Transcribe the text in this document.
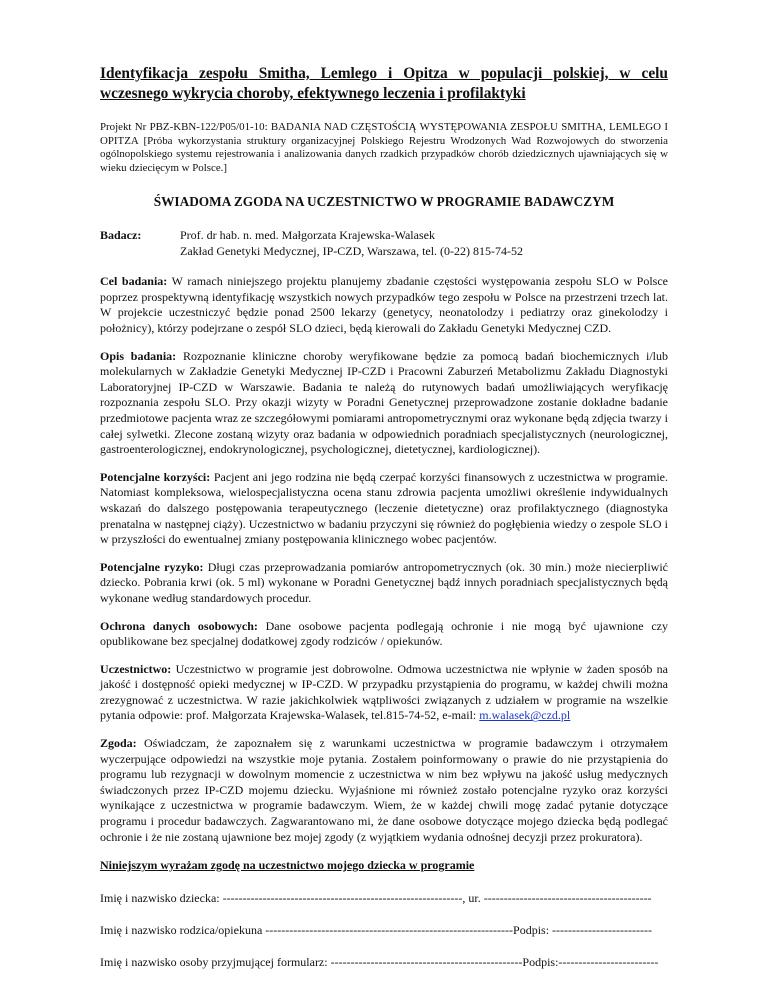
Identyfikacja zespołu Smitha, Lemlego i Opitza w populacji polskiej, w celu wczesnego wykrycia choroby, efektywnego leczenia i profilaktyki

Projekt Nr PBZ-KBN-122/P05/01-10: BADANIA NAD CZĘSTOŚCIĄ WYSTĘPOWANIA ZESPOŁU SMITHA, LEMLEGO I OPITZA [Próba wykorzystania struktury organizacyjnej Polskiego Rejestru Wrodzonych Wad Rozwojowych do stworzenia ogólnopolskiego systemu rejestrowania i analizowania danych rzadkich przypadków chorób dziedzicznych ujawniających się w wieku dziecięcym w Polsce.]

ŚWIADOMA ZGODA NA UCZESTNICTWO W PROGRAMIE BADAWCZYM

Badacz:	Prof. dr hab. n. med. Małgorzata Krajewska-Walasek
Zakład Genetyki Medycznej, IP-CZD, Warszawa, tel. (0-22) 815-74-52

Cel badania: W ramach niniejszego projektu planujemy zbadanie częstości występowania zespołu SLO w Polsce poprzez prospektywną identyfikację wszystkich nowych przypadków tego zespołu w Polsce na przestrzeni trzech lat. W projekcie uczestniczyć będzie ponad 2500 lekarzy (genetycy, neonatolodzy i pediatrzy oraz ginekolodzy i położnicy), którzy podejrzane o zespół SLO dzieci, będą kierowali do Zakładu Genetyki Medycznej CZD.

Opis badania: Rozpoznanie kliniczne choroby weryfikowane będzie za pomocą badań biochemicznych i/lub molekularnych w Zakładzie Genetyki Medycznej IP-CZD i Pracowni Zaburzeń Metabolizmu Zakładu Diagnostyki Laboratoryjnej IP-CZD w Warszawie. Badania te należą do rutynowych badań umożliwiających weryfikację rozpoznania zespołu SLO. Przy okazji wizyty w Poradni Genetycznej przeprowadzone zostanie dokładne badanie przedmiotowe pacjenta wraz ze szczegółowymi pomiarami antropometrycznymi oraz wykonane będą zdjęcia twarzy i całej sylwetki. Zlecone zostaną wizyty oraz badania w odpowiednich poradniach specjalistycznych (neurologicznej, gastroenterologicznej, endokrynologicznej, psychologicznej, dietetycznej, kardiologicznej).

Potencjalne korzyści: Pacjent ani jego rodzina nie będą czerpać korzyści finansowych z uczestnictwa w programie. Natomiast kompleksowa, wielospecjalistyczna ocena stanu zdrowia pacjenta umożliwi określenie indywidualnych wskazań do dalszego postępowania terapeutycznego (leczenie dietetyczne) oraz profilaktycznego (diagnostyka prenatalna w następnej ciąży). Uczestnictwo w badaniu przyczyni się również do pogłębienia wiedzy o zespole SLO i w przyszłości do ewentualnej zmiany postępowania klinicznego wobec pacjentów.

Potencjalne ryzyko: Długi czas przeprowadzania pomiarów antropometrycznych (ok. 30 min.) może niecierpliwić dziecko. Pobrania krwi (ok. 5 ml) wykonane w Poradni Genetycznej bądź innych poradniach specjalistycznych będą wykonane według standardowych procedur.

Ochrona danych osobowych: Dane osobowe pacjenta podlegają ochronie i nie mogą być ujawnione czy opublikowane bez specjalnej dodatkowej zgody rodziców / opiekunów.

Uczestnictwo: Uczestnictwo w programie jest dobrowolne. Odmowa uczestnictwa nie wpłynie w żaden sposób na jakość i dostępność opieki medycznej w IP-CZD. W przypadku przystąpienia do programu, w każdej chwili można zrezygnować z uczestnictwa. W razie jakichkolwiek wątpliwości związanych z udziałem w programie na wszelkie pytania odpowie: prof. Małgorzata Krajewska-Walasek, tel.815-74-52, e-mail: m.walasek@czd.pl

Zgoda: Oświadczam, że zapoznałem się z warunkami uczestnictwa w programie badawczym i otrzymałem wyczerpujące odpowiedzi na wszystkie moje pytania. Zostałem poinformowany o prawie do nie przystąpienia do programu lub rezygnacji w dowolnym momencie z uczestnictwa w nim bez wpływu na jakość usług medycznych świadczonych przez IP-CZD mojemu dziecku. Wyjaśnione mi również zostało potencjalne ryzyko oraz korzyści wynikające z uczestnictwa w programie badawczym. Wiem, że w każdej chwili mogę zadać pytanie dotyczące programu i procedur badawczych. Zagwarantowano mi, że dane osobowe dotyczące mojego dziecka będą podlegać ochronie i że nie zostaną ujawnione bez mojej zgody (z wyjątkiem wydania odnośnej decyzji przez prokuratora).

Niniejszym wyrażam zgodę na uczestnictwo mojego dziecka w programie
Imię i nazwisko dziecka: ------------------------------------------------------------, ur. ------------------------------------------
Imię i nazwisko rodzica/opiekuna --------------------------------------------------------------Podpis: -------------------------
Imię i nazwisko osoby przyjmującej formularz: ------------------------------------------------Podpis:-------------------------
